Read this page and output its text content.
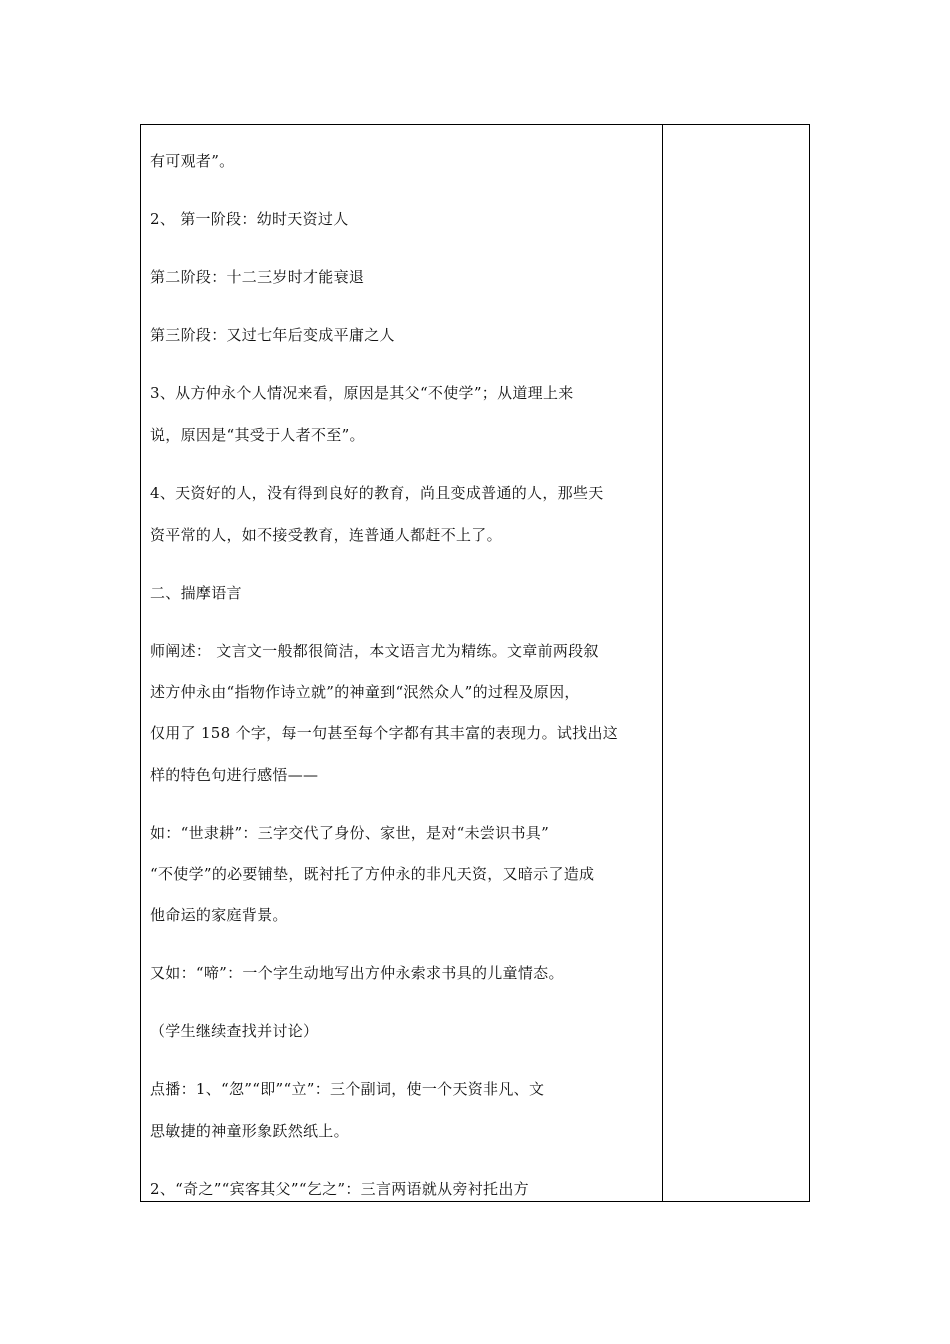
有可观者”。
2、 第一阶段：幼时天资过人
第二阶段：十二三岁时才能衰退
第三阶段：又过七年后变成平庸之人
3、从方仲永个人情况来看，原因是其父“不使学”；从道理上来
说，原因是“其受于人者不至”。
4、天资好的人，没有得到良好的教育，尚且变成普通的人，那些天
资平常的人，如不接受教育，连普通人都赶不上了。
二、揣摩语言
师阐述： 文言文一般都很简洁，本文语言尤为精练。文章前两段叙
述方仲永由“指物作诗立就”的神童到“泯然众人”的过程及原因，
仅用了 158 个字，每一句甚至每个字都有其丰富的表现力。试找出这
样的特色句进行感悟——
如：“世隶耕”：三字交代了身份、家世，是对“未尝识书具”
“不使学”的必要铺垫，既衬托了方仲永的非凡天资，又暗示了造成
他命运的家庭背景。
又如：“啼”：一个字生动地写出方仲永索求书具的儿童情态。
（学生继续查找并讨论）
点播：1、“忽”“即”“立”：三个副词，使一个天资非凡、文
思敏捷的神童形象跃然纸上。
2、“奇之”“宾客其父”“乞之”：三言两语就从旁衬托出方
